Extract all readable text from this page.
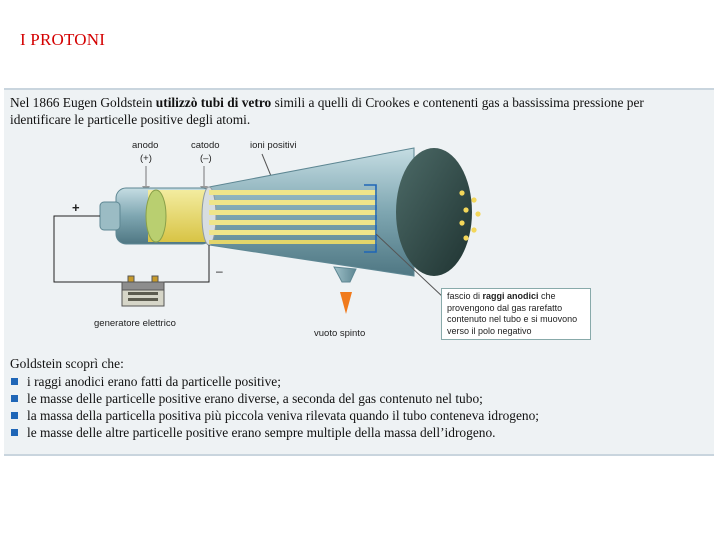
I PROTONI
Nel 1866 Eugen Goldstein utilizzò tubi di vetro simili a quelli di Crookes e contenenti gas a bassissima pressione per identificare le particelle positive degli atomi.
anodo
(+)
catodo
(–)
ioni positivi
vuoto spinto
+
–
generatore elettrico
fascio di raggi anodici che provengono dal gas rarefatto contenuto nel tubo e si muovono verso il polo negativo
Goldstein scoprì che:
i raggi anodici erano fatti da particelle positive;
le masse delle particelle positive erano diverse, a seconda del gas contenuto nel tubo;
la massa della particella positiva più piccola veniva rilevata quando il tubo conteneva idrogeno;
le masse delle altre particelle positive erano sempre multiple della massa dell’idrogeno.
